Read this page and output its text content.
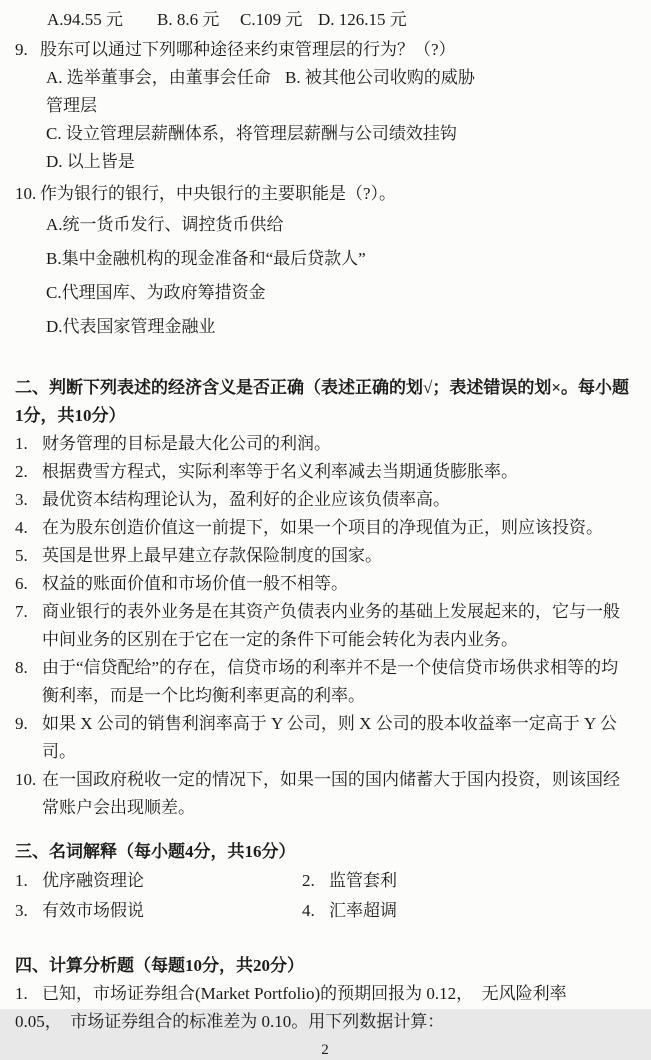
A.94.55 元	B. 8.6 元	C.109 元 D. 126.15 元
9. 股东可以通过下列哪种途径来约束管理层的行为？（?）
A. 选举董事会，由董事会任命管理层
B. 被其他公司收购的威胁
C. 设立管理层薪酬体系，将管理层薪酬与公司绩效挂钩
D. 以上皆是
10. 作为银行的银行，中央银行的主要职能是（?）。
A.统一货币发行、调控货币供给
B.集中金融机构的现金准备和“最后贷款人”
C.代理国库、为政府筹措资金
D.代表国家管理金融业
二、判断下列表述的经济含义是否正确（表述正确的划√；表述错误的划×。每小题1分，共10分）
1. 财务管理的目标是最大化公司的利润。
2. 根据费雪方程式，实际利率等于名义利率减去当期通货膨胀率。
3. 最优资本结构理论认为，盈利好的企业应该负债率高。
4. 在为股东创造价值这一前提下，如果一个项目的净现值为正，则应该投资。
5. 英国是世界上最早建立存款保险制度的国家。
6. 权益的账面价值和市场价值一般不相等。
7. 商业银行的表外业务是在其资产负债表内业务的基础上发展起来的，它与一般中间业务的区别在于它在一定的条件下可能会转化为表内业务。
8. 由于“信贷配给”的存在，信贷市场的利率并不是一个使信贷市场供求相等的均衡利率，而是一个比均衡利率更高的利率。
9. 如果 X 公司的销售利润率高于 Y 公司，则 X 公司的股本收益率一定高于 Y 公司。
10. 在一国政府税收一定的情况下，如果一国的国内储蓄大于国内投资，则该国经常账户会出现顺差。
三、名词解释（每小题4分，共16分）
1. 优序融资理论	2. 监管套利
3. 有效市场假说	4. 汇率超调
四、计算分析题（每题10分，共20分）
1. 已知，市场证券组合(Market Portfolio)的预期回报为 0.12，  无风险利率
0.05，  市场证券组合的标准差为 0.10。用下列数据计算：
2
